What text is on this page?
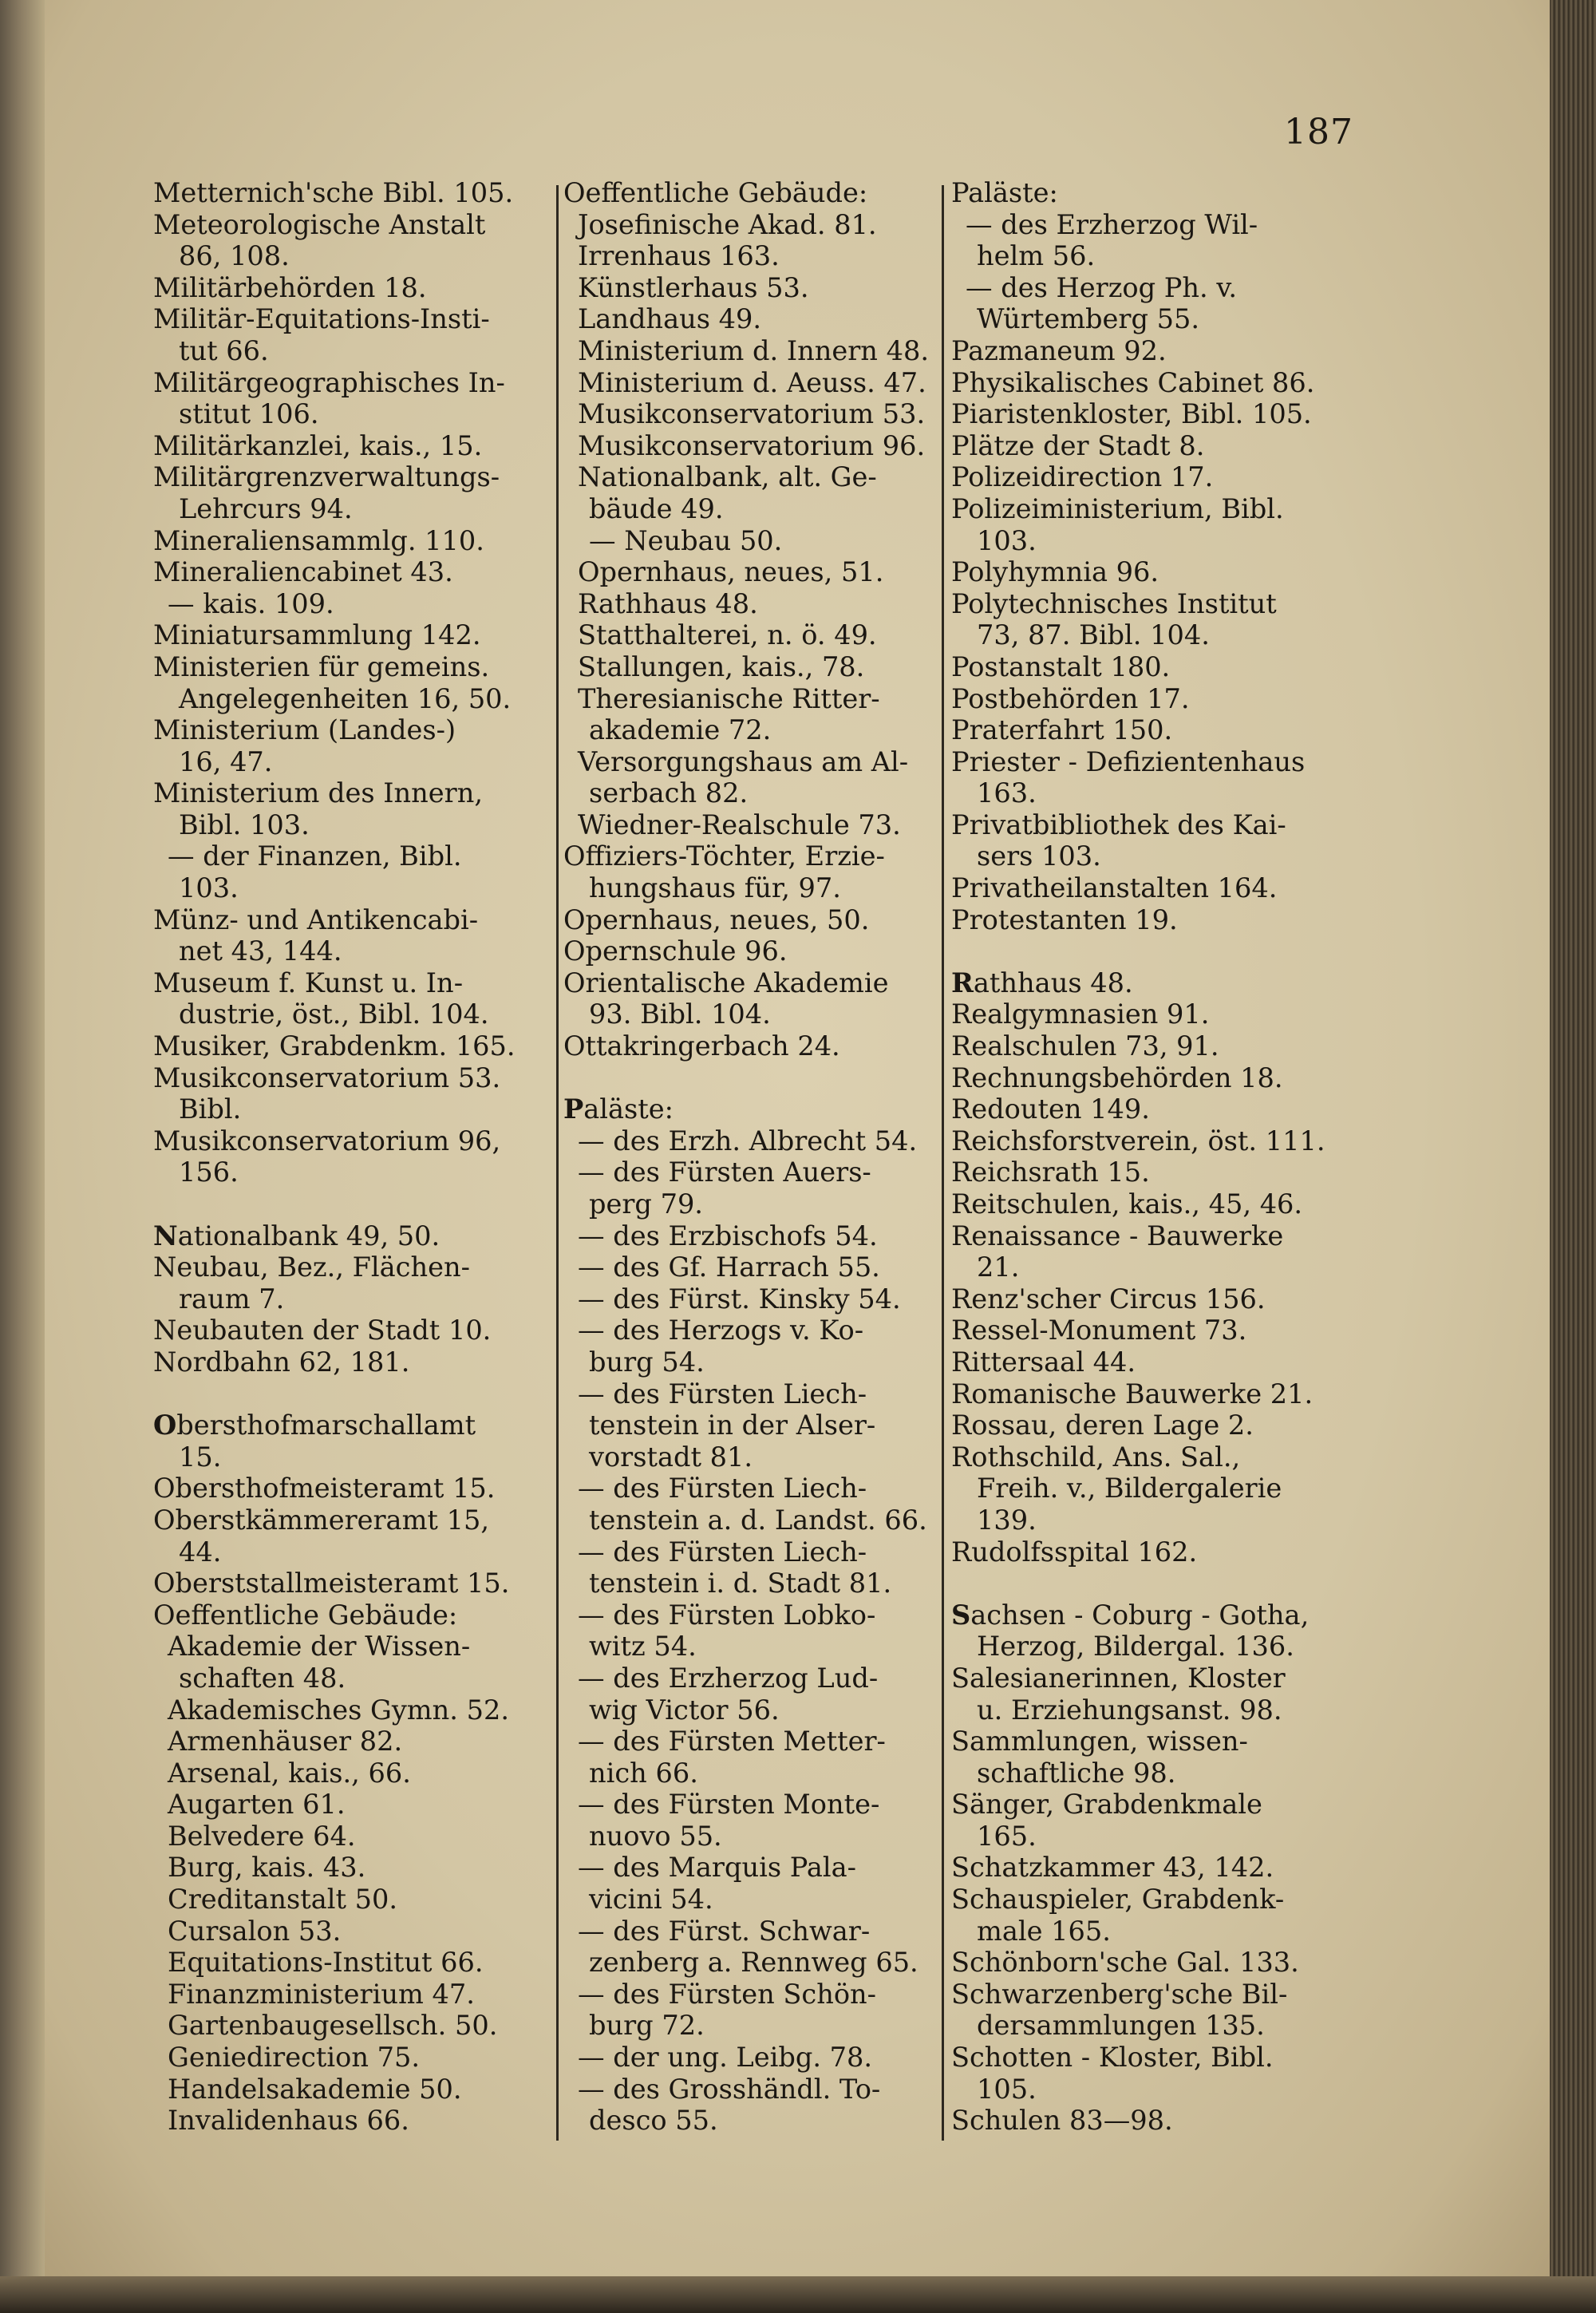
187
Metternich'sche Bibl. 105.
Meteorologische Anstalt
86, 108.
Militärbehörden 18.
Militär-Equitations-Insti-
tut 66.
Militärgeographisches In-
stitut 106.
Militärkanzlei, kais., 15.
Militärgrenzverwaltungs-
Lehrcurs 94.
Mineraliensammlg. 110.
Mineraliencabinet 43.
— kais. 109.
Miniatursammlung 142.
Ministerien für gemeins.
Angelegenheiten 16, 50.
Ministerium (Landes-)
16, 47.
Ministerium des Innern,
Bibl. 103.
— der Finanzen, Bibl.
103.
Münz- und Antikencabi-
net 43, 144.
Museum f. Kunst u. In-
dustrie, öst., Bibl. 104.
Musiker, Grabdenkm. 165.
Musikconservatorium 53.
Bibl.
Musikconservatorium 96,
156.
Nationalbank 49, 50.
Neubau, Bez., Flächen-
raum 7.
Neubauten der Stadt 10.
Nordbahn 62, 181.
Obersthofmarschallamt
15.
Obersthofmeisteramt 15.
Oberstkämmereramt 15,
44.
Oberststallmeisteramt 15.
Oeffentliche Gebäude:
Akademie der Wissen-
schaften 48.
Akademisches Gymn. 52.
Armenhäuser 82.
Arsenal, kais., 66.
Augarten 61.
Belvedere 64.
Burg, kais. 43.
Creditanstalt 50.
Cursalon 53.
Equitations-Institut 66.
Finanzministerium 47.
Gartenbaugesellsch. 50.
Geniedirection 75.
Handelsakademie 50.
Invalidenhaus 66.
Oeffentliche Gebäude:
Josefinische Akad. 81.
Irrenhaus 163.
Künstlerhaus 53.
Landhaus 49.
Ministerium d. Innern 48.
Ministerium d. Aeuss. 47.
Musikconservatorium 53.
Musikconservatorium 96.
Nationalbank, alt. Ge-
bäude 49.
— Neubau 50.
Opernhaus, neues, 51.
Rathhaus 48.
Statthalterei, n. ö. 49.
Stallungen, kais., 78.
Theresianische Ritter-
akademie 72.
Versorgungshaus am Al-
serbach 82.
Wiedner-Realschule 73.
Offiziers-Töchter, Erzie-
hungshaus für, 97.
Opernhaus, neues, 50.
Opernschule 96.
Orientalische Akademie
93. Bibl. 104.
Ottakringerbach 24.
Paläste:
— des Erzh. Albrecht 54.
— des Fürsten Auers-
perg 79.
— des Erzbischofs 54.
— des Gf. Harrach 55.
— des Fürst. Kinsky 54.
— des Herzogs v. Ko-
burg 54.
— des Fürsten Liech-
tenstein in der Alser-
vorstadt 81.
— des Fürsten Liech-
tenstein a. d. Landst. 66.
— des Fürsten Liech-
tenstein i. d. Stadt 81.
— des Fürsten Lobko-
witz 54.
— des Erzherzog Lud-
wig Victor 56.
— des Fürsten Metter-
nich 66.
— des Fürsten Monte-
nuovo 55.
— des Marquis Pala-
vicini 54.
— des Fürst. Schwar-
zenberg a. Rennweg 65.
— des Fürsten Schön-
burg 72.
— der ung. Leibg. 78.
— des Grosshändl. To-
desco 55.
Paläste:
— des Erzherzog Wil-
helm 56.
— des Herzog Ph. v.
Würtemberg 55.
Pazmaneum 92.
Physikalisches Cabinet 86.
Piaristenkloster, Bibl. 105.
Plätze der Stadt 8.
Polizeidirection 17.
Polizeiministerium, Bibl.
103.
Polyhymnia 96.
Polytechnisches Institut
73, 87. Bibl. 104.
Postanstalt 180.
Postbehörden 17.
Praterfahrt 150.
Priester - Defizientenhaus
163.
Privatbibliothek des Kai-
sers 103.
Privatheilanstalten 164.
Protestanten 19.
Rathhaus 48.
Realgymnasien 91.
Realschulen 73, 91.
Rechnungsbehörden 18.
Redouten 149.
Reichsforstverein, öst. 111.
Reichsrath 15.
Reitschulen, kais., 45, 46.
Renaissance - Bauwerke
21.
Renz'scher Circus 156.
Ressel-Monument 73.
Rittersaal 44.
Romanische Bauwerke 21.
Rossau, deren Lage 2.
Rothschild, Ans. Sal.,
Freih. v., Bildergalerie
139.
Rudolfsspital 162.
Sachsen - Coburg - Gotha,
Herzog, Bildergal. 136.
Salesianerinnen, Kloster
u. Erziehungsanst. 98.
Sammlungen, wissen-
schaftliche 98.
Sänger, Grabdenkmale
165.
Schatzkammer 43, 142.
Schauspieler, Grabdenk-
male 165.
Schönborn'sche Gal. 133.
Schwarzenberg'sche Bil-
dersammlungen 135.
Schotten - Kloster, Bibl.
105.
Schulen 83—98.
